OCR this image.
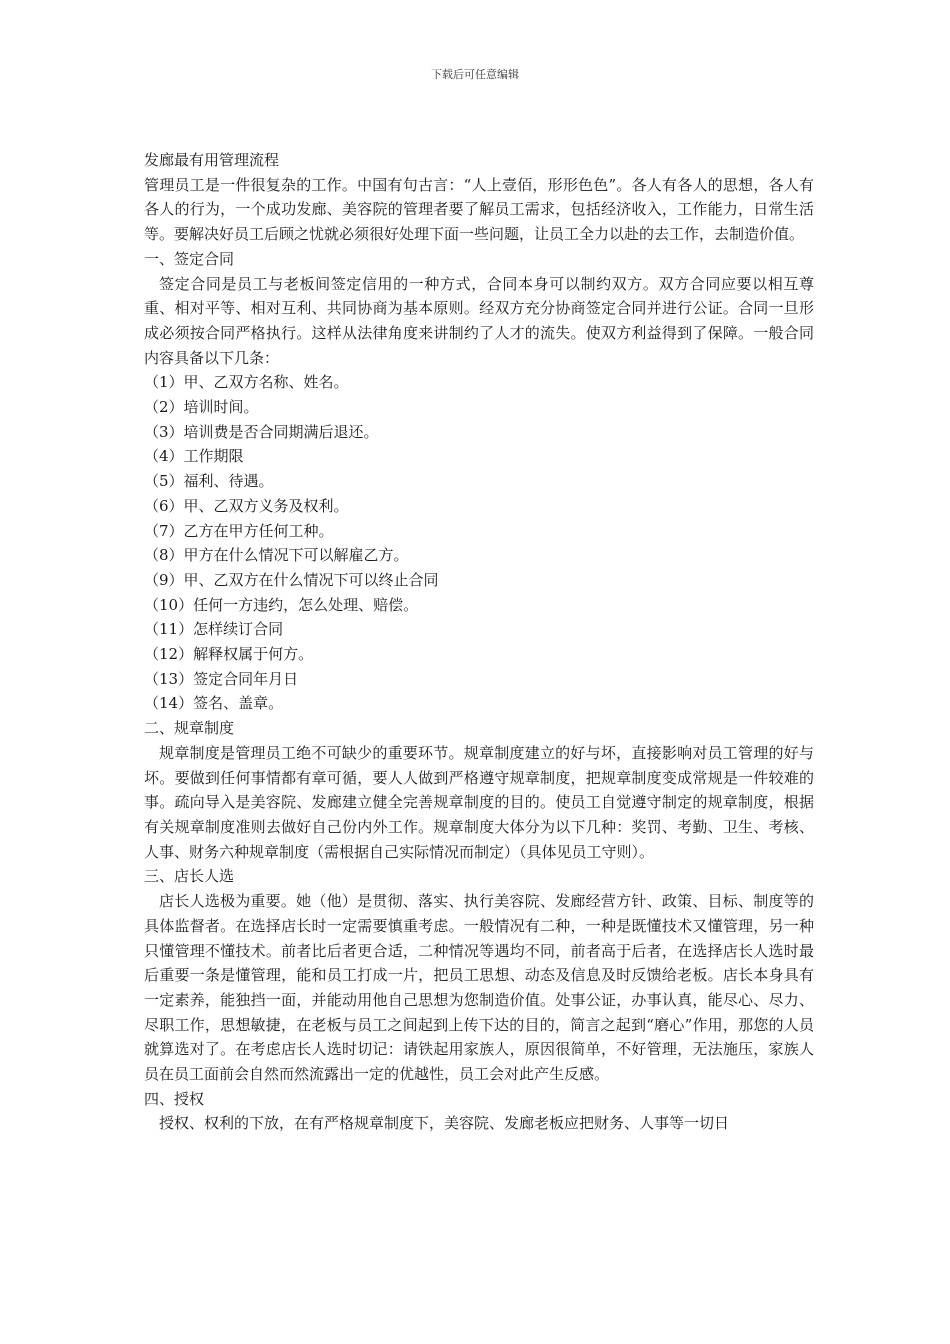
下载后可任意编辑

发廊最有用管理流程

管理员工是一件很复杂的工作。中国有句古言：“人上壹佰，形形色色”。各人有各人的思想，各人有各人的行为，一个成功发廊、美容院的管理者要了解员工需求，包括经济收入，工作能力，日常生活等。要解决好员工后顾之忧就必须很好处理下面一些问题，让员工全力以赴的去工作，去制造价值。

一、签定合同

签定合同是员工与老板间签定信用的一种方式，合同本身可以制约双方。双方合同应要以相互尊重、相对平等、相对互利、共同协商为基本原则。经双方充分协商签定合同并进行公证。合同一旦形成必须按合同严格执行。这样从法律角度来讲制约了人才的流失。使双方利益得到了保障。一般合同内容具备以下几条：

（1）甲、乙双方名称、姓名。

（2）培训时间。

（3）培训费是否合同期满后退还。

（4）工作期限

（5）福利、待遇。

（6）甲、乙双方义务及权利。

（7）乙方在甲方任何工种。

（8）甲方在什么情况下可以解雇乙方。

（9）甲、乙双方在什么情况下可以终止合同

（10）任何一方违约，怎么处理、赔偿。

（11）怎样续订合同

（12）解释权属于何方。

（13）签定合同年月日

（14）签名、盖章。

二、规章制度

规章制度是管理员工绝不可缺少的重要环节。规章制度建立的好与坏，直接影响对员工管理的好与坏。要做到任何事情都有章可循，要人人做到严格遵守规章制度，把规章制度变成常规是一件较难的事。疏向导入是美容院、发廊建立健全完善规章制度的目的。使员工自觉遵守制定的规章制度，根据有关规章制度准则去做好自己份内外工作。规章制度大体分为以下几种：奖罚、考勤、卫生、考核、人事、财务六种规章制度（需根据自己实际情况而制定）（具体见员工守则）。

三、店长人选

店长人选极为重要。她（他）是贯彻、落实、执行美容院、发廊经营方针、政策、目标、制度等的具体监督者。在选择店长时一定需要慎重考虑。一般情况有二种，一种是既懂技术又懂管理，另一种只懂管理不懂技术。前者比后者更合适，二种情况等遇均不同，前者高于后者，在选择店长人选时最后重要一条是懂管理，能和员工打成一片，把员工思想、动态及信息及时反馈给老板。店长本身具有一定素养，能独挡一面，并能动用他自己思想为您制造价值。处事公证，办事认真，能尽心、尽力、尽职工作，思想敏捷，在老板与员工之间起到上传下达的目的，简言之起到“磨心”作用，那您的人员就算选对了。在考虑店长人选时切记：请铁起用家族人，原因很简单，不好管理，无法施压，家族人员在员工面前会自然而然流露出一定的优越性，员工会对此产生反感。

四、授权

授权、权利的下放，在有严格规章制度下，美容院、发廊老板应把财务、人事等一切日
